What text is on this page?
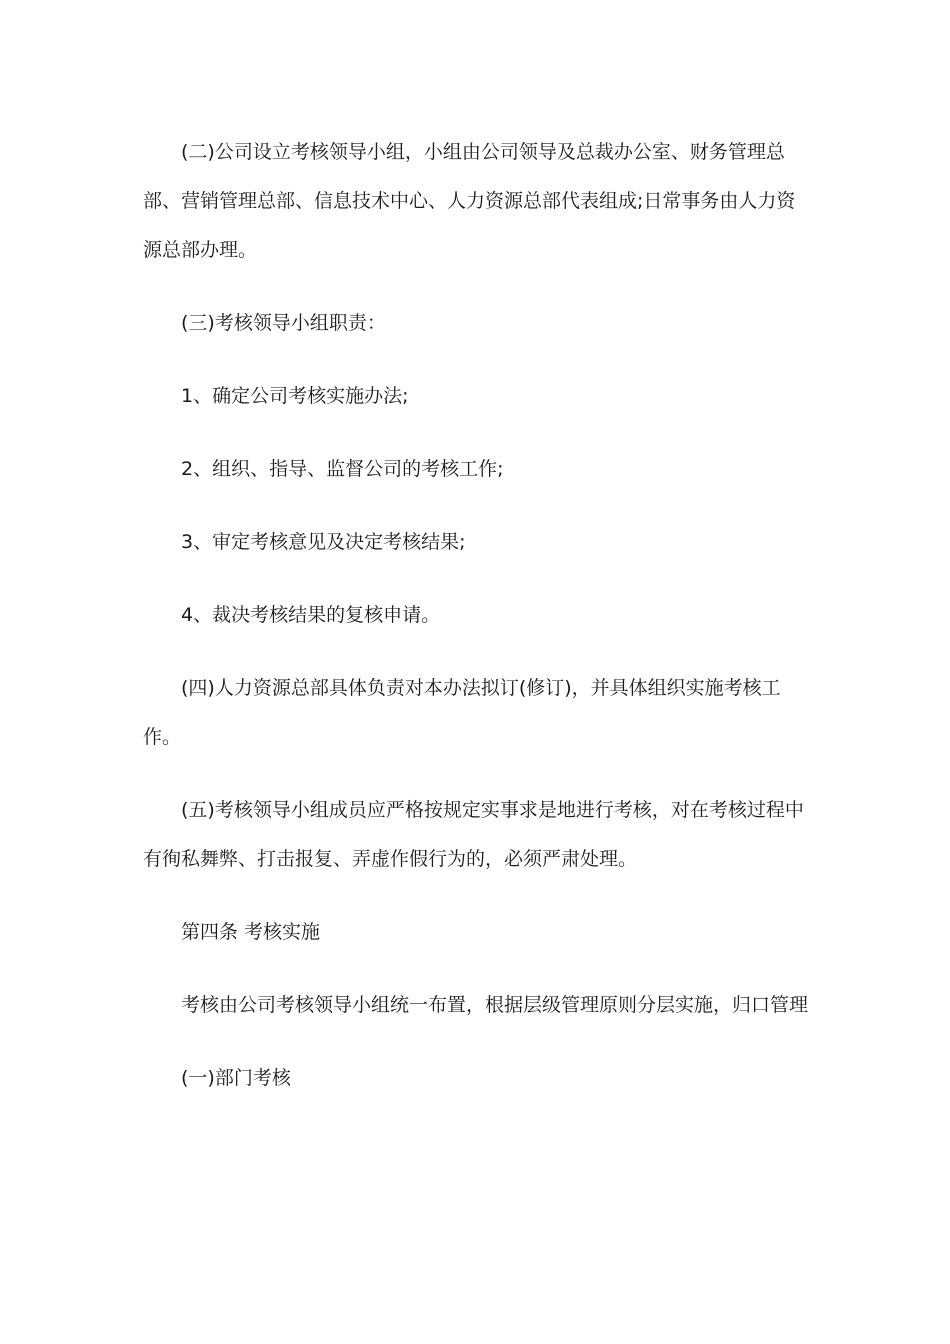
(二)公司设立考核领导小组，小组由公司领导及总裁办公室、财务管理总部、营销管理总部、信息技术中心、人力资源总部代表组成;日常事务由人力资源总部办理。

(三)考核领导小组职责：

1、确定公司考核实施办法;

2、组织、指导、监督公司的考核工作;

3、审定考核意见及决定考核结果;

4、裁决考核结果的复核申请。

(四)人力资源总部具体负责对本办法拟订(修订)，并具体组织实施考核工作。

(五)考核领导小组成员应严格按规定实事求是地进行考核，对在考核过程中有徇私舞弊、打击报复、弄虚作假行为的，必须严肃处理。

第四条 考核实施

考核由公司考核领导小组统一布置，根据层级管理原则分层实施，归口管理

(一)部门考核
